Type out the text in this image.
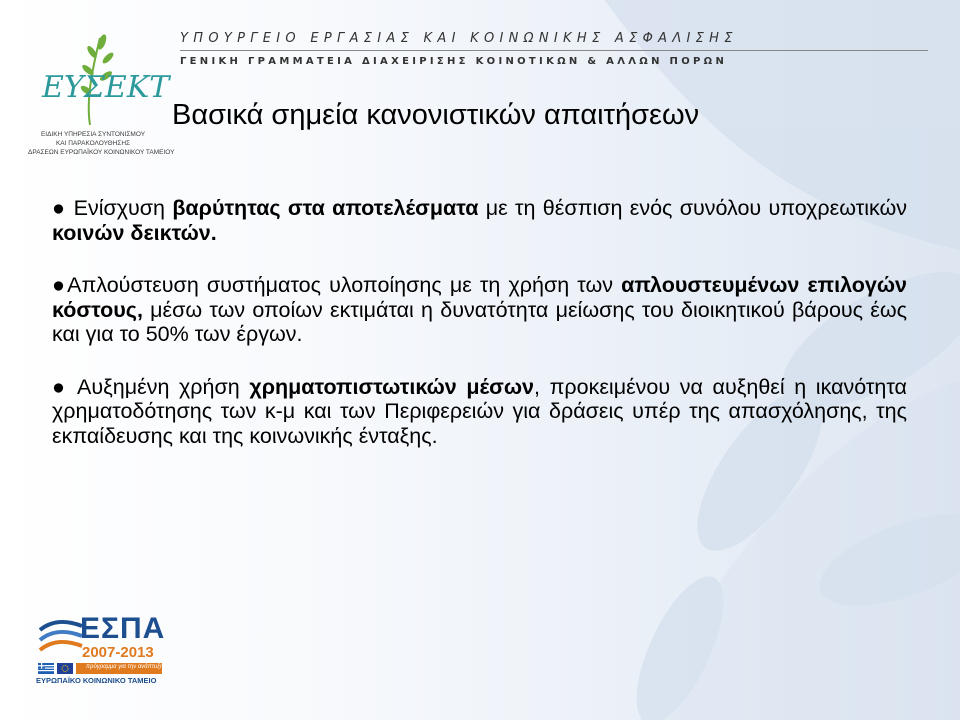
ΕΥΣΕΚΤ
ΕΙΔΙΚΗ ΥΠΗΡΕΣΙΑ ΣΥΝΤΟΝΙΣΜΟΥ
ΚΑΙ ΠΑΡΑΚΟΛΟΥΘΗΣΗΣ
ΔΡΑΣΕΩΝ ΕΥΡΩΠΑΪΚΟΥ ΚΟΙΝΩΝΙΚΟΥ ΤΑΜΕΙΟΥ
ΥΠΟΥΡΓΕΙΟ ΕΡΓΑΣΙΑΣ ΚΑΙ ΚΟΙΝΩΝΙΚΗΣ ΑΣΦΑΛΙΣΗΣ
ΓΕΝΙΚΗ ΓΡΑΜΜΑΤΕΙΑ ΔΙΑΧΕΙΡΙΣΗΣ ΚΟΙΝΟΤΙΚΩΝ & ΑΛΛΩΝ ΠΟΡΩΝ
Βασικά σημεία κανονιστικών απαιτήσεων

● Ενίσχυση βαρύτητας στα αποτελέσματα με τη θέσπιση ενός συνόλου υποχρεωτικών κοινών δεικτών.

●Απλούστευση συστήματος υλοποίησης με τη χρήση των απλουστευμένων επιλογών κόστους, μέσω των οποίων εκτιμάται η δυνατότητα μείωσης του διοικητικού βάρους έως και για το 50% των έργων.

● Αυξημένη χρήση χρηματοπιστωτικών μέσων, προκειμένου να αυξηθεί η ικανότητα χρηματοδότησης των κ-μ και των Περιφερειών για δράσεις υπέρ της απασχόλησης, της εκπαίδευσης και της κοινωνικής ένταξης.

ΕΣΠΑ
2007-2013
πρόγραμμα για την ανάπτυξη
ΕΥΡΩΠΑΪΚΟ ΚΟΙΝΩΝΙΚΟ ΤΑΜΕΙΟ
